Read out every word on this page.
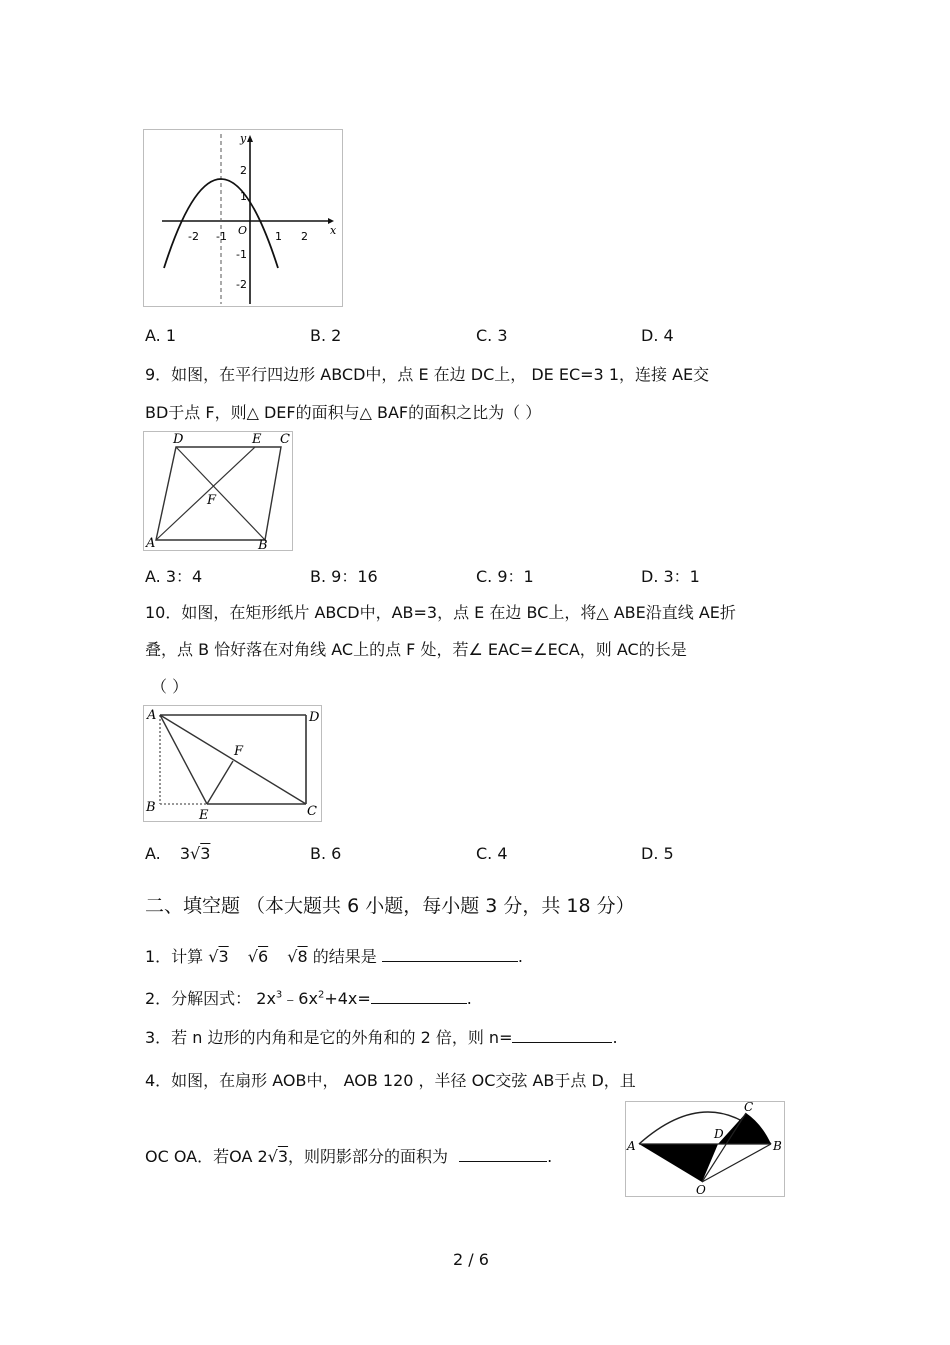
x
y
O
-2 -1	1 2
2
1
-1
-2
A. 1	B. 2	C. 3	D. 4
9．如图，在平行四边形 ABCD中，点 E 在边 DC上， DE EC=3 1，连接 AE交
BD于点 F，则△ DEF的面积与△ BAF的面积之比为（ ）
D	E C
F
A	B
A. 3：4	B. 9：16	C. 9：1	D. 3：1
10．如图，在矩形纸片 ABCD中，AB=3，点 E 在边 BC上，将△ ABE沿直线 AE折
叠，点 B 恰好落在对角线 AC上的点 F 处，若∠ EAC=∠ECA，则 AC的长是
（ ）
A	D
F
B
E	C
A. 3√3	B. 6	C. 4	D. 5
二、填空题 （本大题共 6 小题，每小题 3 分，共 18 分）
1．计算 √3 √6 √8 的结果是	.
2．分解因式： $2x^3﹣6x^2+4x=$	.
3．若 n 边形的内角和是它的外角和的 2 倍，则 n=	.
4．如图，在扇形 AOB中， AOB 120 ，半径 OC交弦 AB于点 D，且
OC OA．若OA 2√3，则阴影部分的面积为	.
C
D
A	B
O
2 / 6
